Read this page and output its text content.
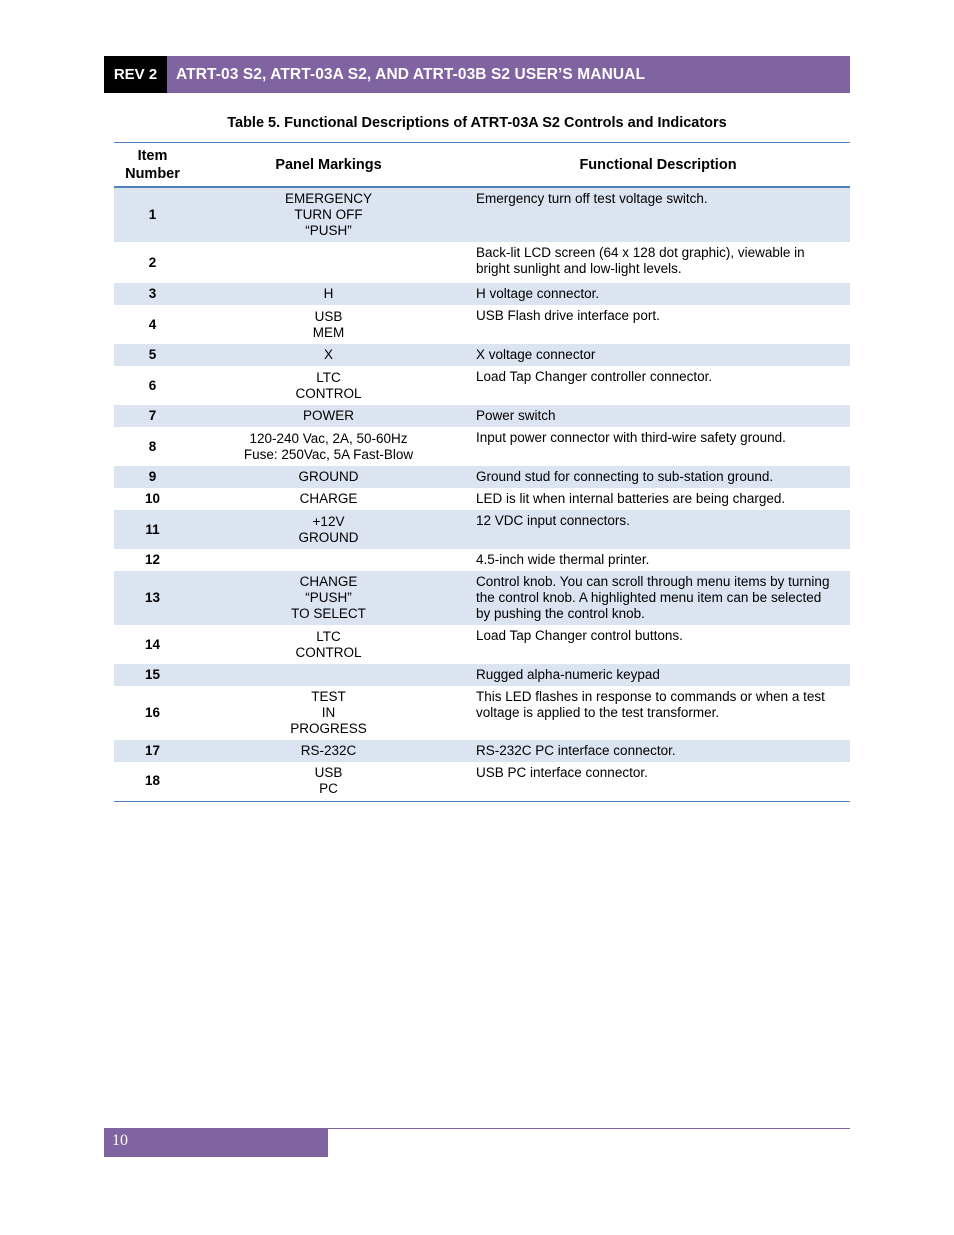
REV 2	ATRT-03 S2, ATRT-03A S2, AND ATRT-03B S2 USER’S MANUAL
Table 5. Functional Descriptions of ATRT-03A S2 Controls and Indicators
Item
Number	Panel Markings	Functional Description
1	EMERGENCY
TURN OFF
“PUSH”	Emergency turn off test voltage switch.
2		Back-lit LCD screen (64 x 128 dot graphic), viewable in bright sunlight and low-light levels.
3	H	H voltage connector.
4	USB
MEM	USB Flash drive interface port.
5	X	X voltage connector
6	LTC
CONTROL	Load Tap Changer controller connector.
7	POWER	Power switch
8	120-240 Vac, 2A, 50-60Hz
Fuse: 250Vac, 5A Fast-Blow	Input power connector with third-wire safety ground.
9	GROUND	Ground stud for connecting to sub-station ground.
10	CHARGE	LED is lit when internal batteries are being charged.
11	+12V
GROUND	12 VDC input connectors.
12		4.5-inch wide thermal printer.
13	CHANGE
“PUSH”
TO SELECT	Control knob. You can scroll through menu items by turning the control knob. A highlighted menu item can be selected by pushing the control knob.
14	LTC
CONTROL	Load Tap Changer control buttons.
15		Rugged alpha-numeric keypad
16	TEST
IN
PROGRESS	This LED flashes in response to commands or when a test voltage is applied to the test transformer.
17	RS-232C	RS-232C PC interface connector.
18	USB
PC	USB PC interface connector.
10
